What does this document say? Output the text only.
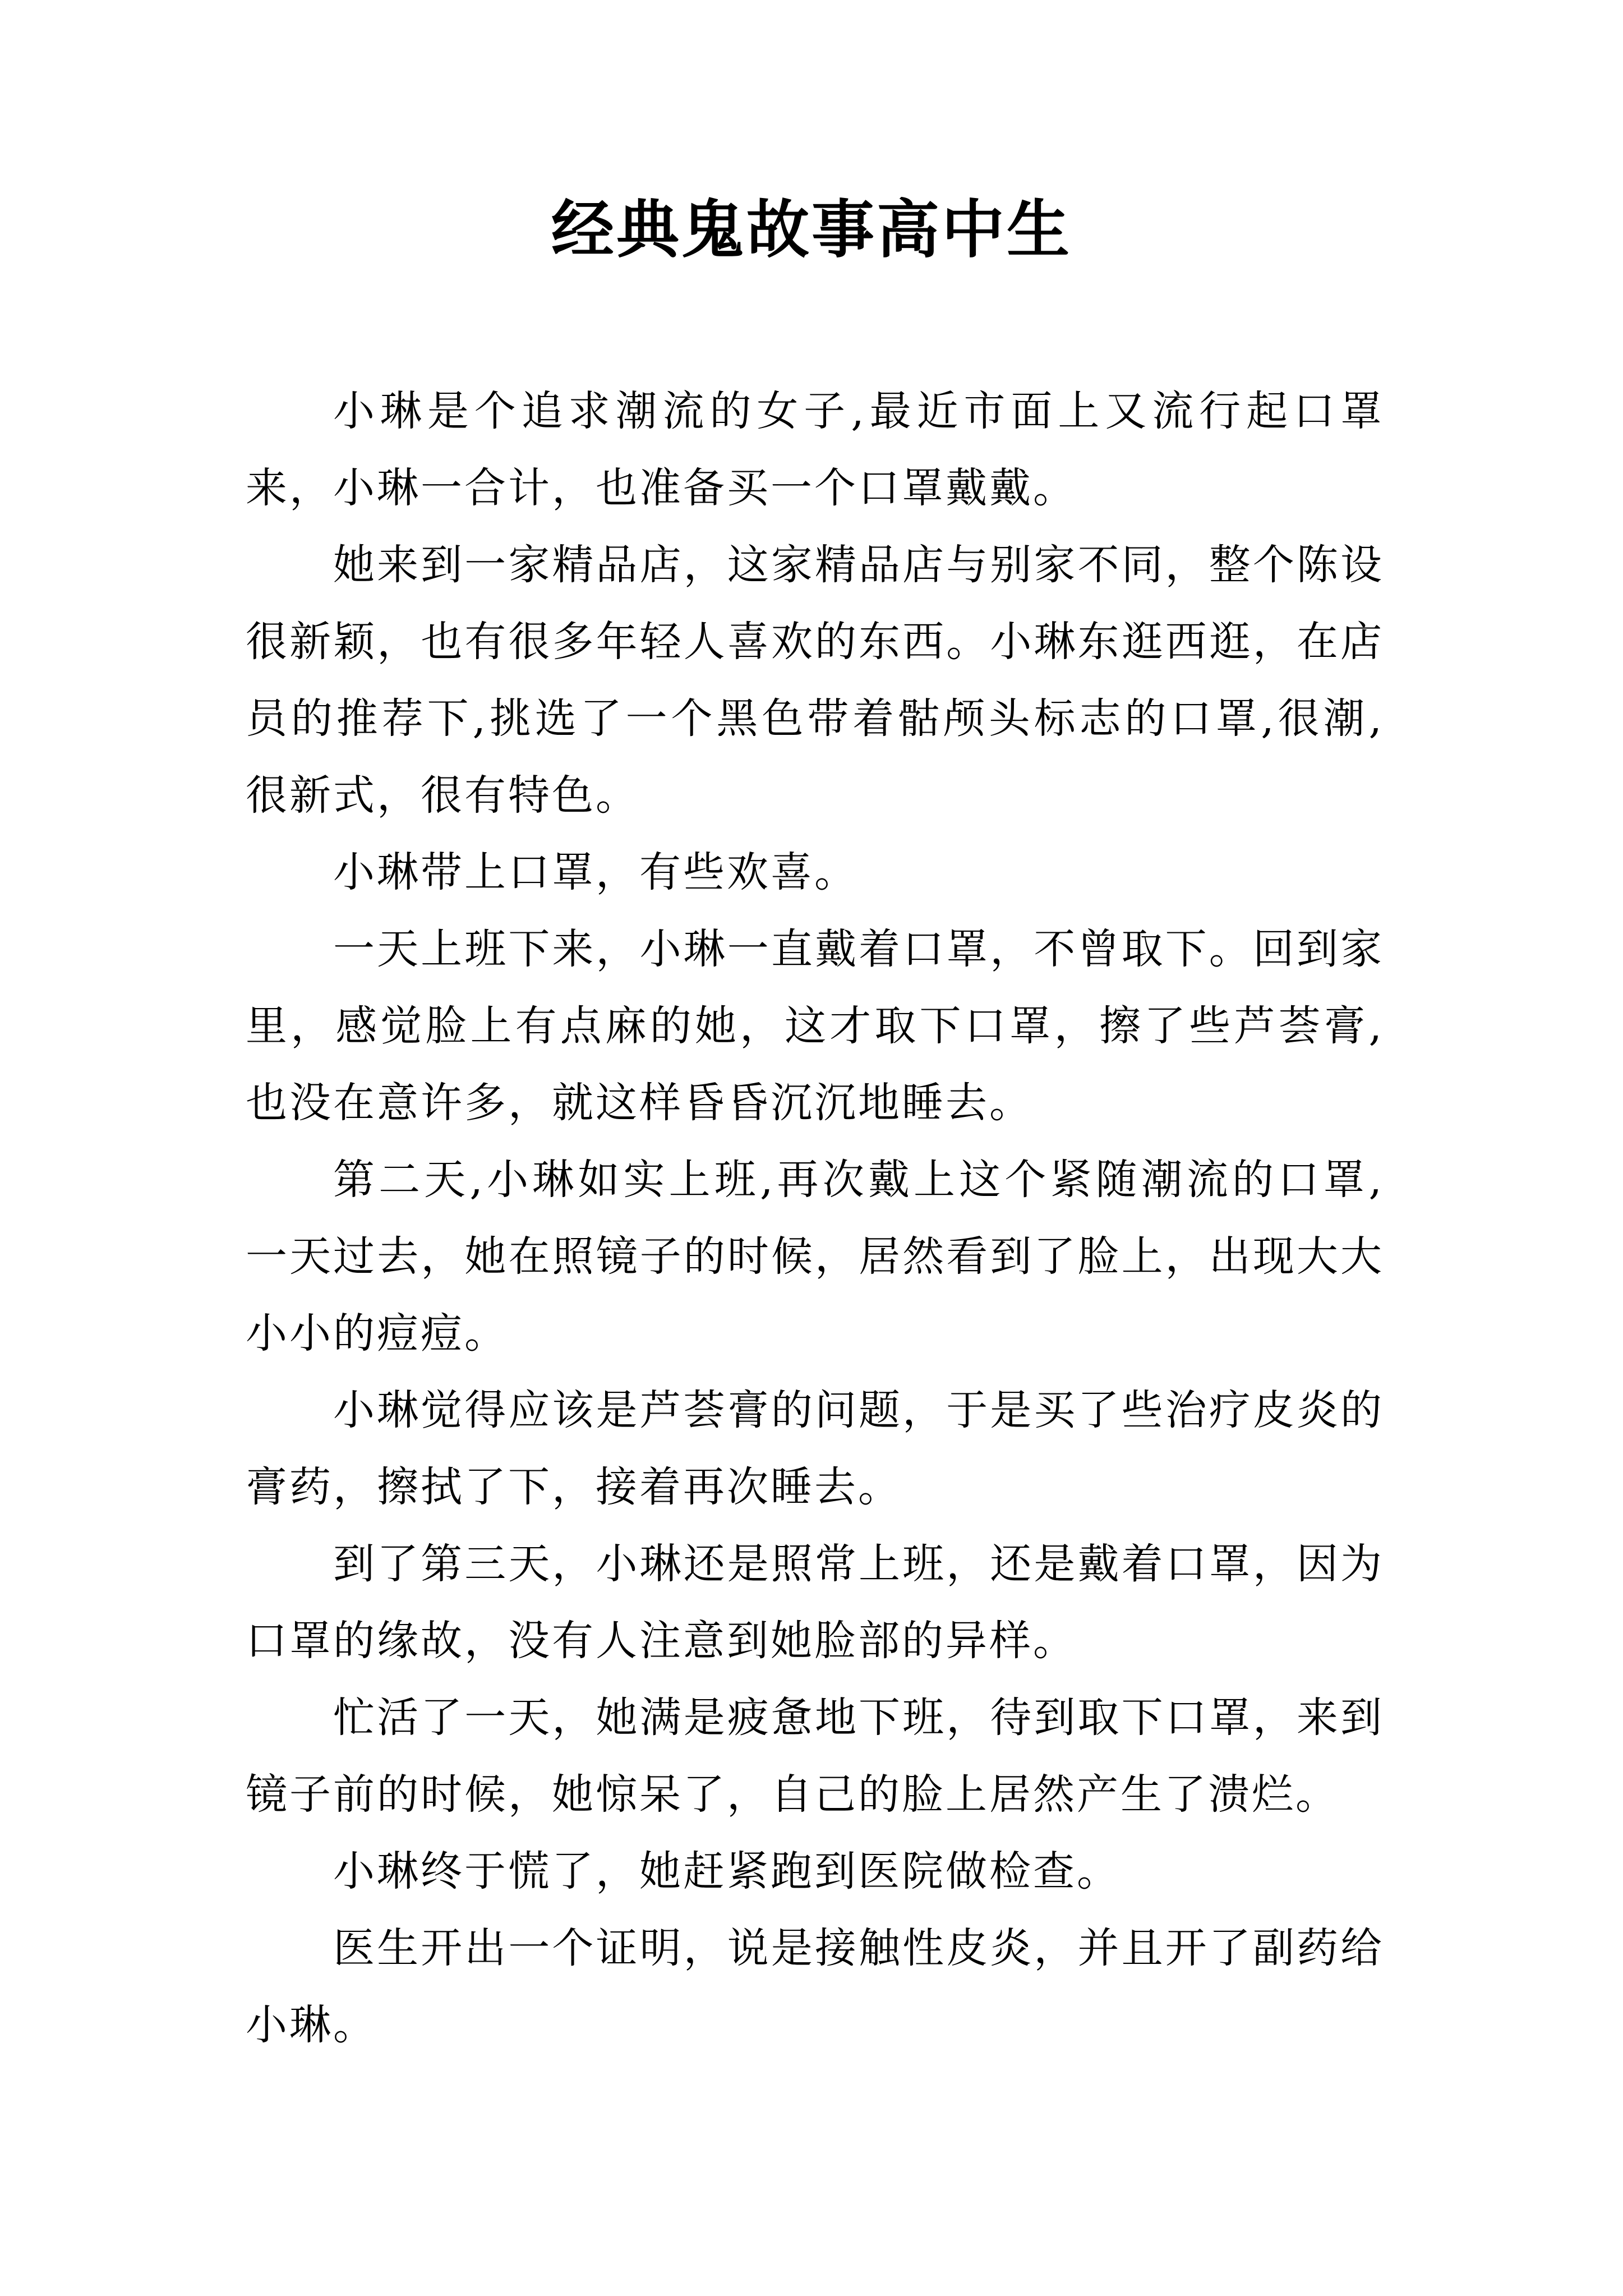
经典鬼故事高中生

小琳是个追求潮流的女子,最近市面上又流行起口罩来，小琳一合计，也准备买一个口罩戴戴。

她来到一家精品店，这家精品店与别家不同，整个陈设很新颖，也有很多年轻人喜欢的东西。小琳东逛西逛，在店员的推荐下,挑选了一个黑色带着骷颅头标志的口罩,很潮,很新式，很有特色。

小琳带上口罩，有些欢喜。

一天上班下来，小琳一直戴着口罩，不曾取下。回到家里，感觉脸上有点麻的她，这才取下口罩，擦了些芦荟膏,也没在意许多，就这样昏昏沉沉地睡去。

第二天,小琳如实上班,再次戴上这个紧随潮流的口罩,一天过去，她在照镜子的时候，居然看到了脸上，出现大大小小的痘痘。

小琳觉得应该是芦荟膏的问题，于是买了些治疗皮炎的膏药，擦拭了下，接着再次睡去。

到了第三天，小琳还是照常上班，还是戴着口罩，因为口罩的缘故，没有人注意到她脸部的异样。

忙活了一天，她满是疲惫地下班，待到取下口罩，来到镜子前的时候，她惊呆了，自己的脸上居然产生了溃烂。

小琳终于慌了，她赶紧跑到医院做检查。

医生开出一个证明，说是接触性皮炎，并且开了副药给小琳。
